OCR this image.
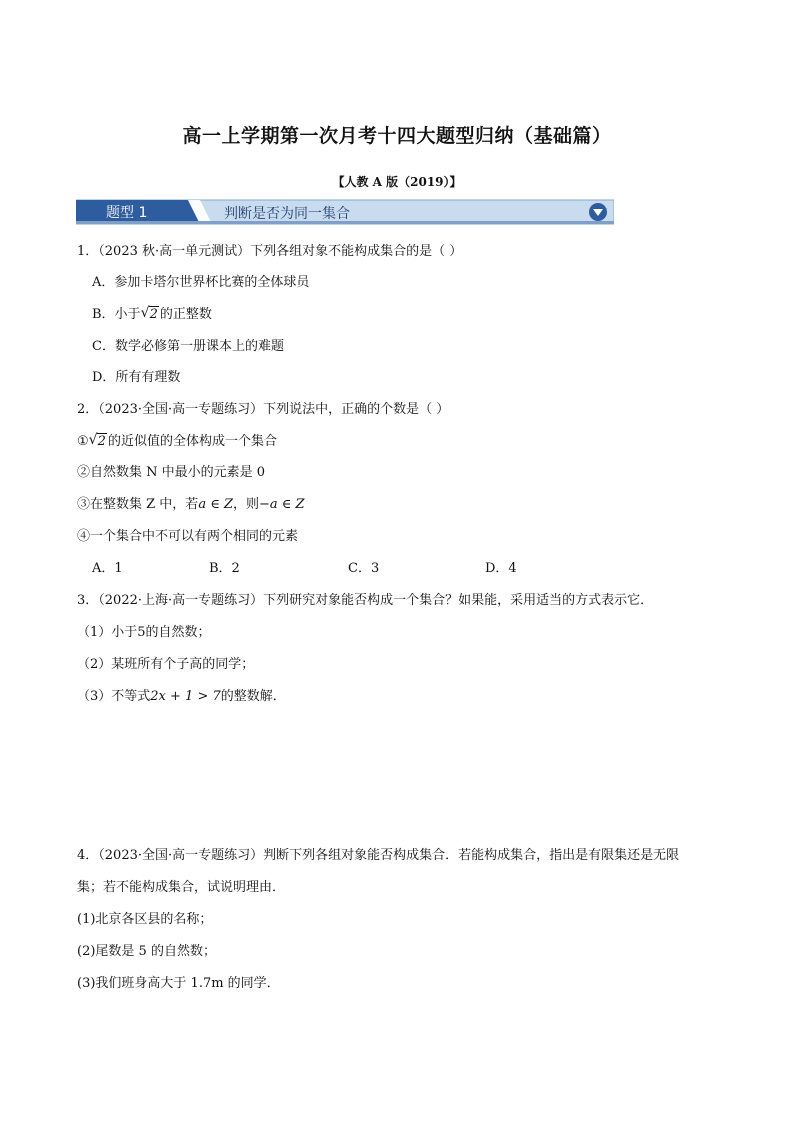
高一上学期第一次月考十四大题型归纳（基础篇）
【人教 A 版（2019）】
题型 1	判断是否为同一集合
1．（2023 秋·高一单元测试）下列各组对象不能构成集合的是（ ）
A．参加卡塔尔世界杯比赛的全体球员
B．小于 √ 2 的正整数
C．数学必修第一册课本上的难题
D．所有有理数
2．（2023·全国·高一专题练习）下列说法中，正确的个数是（ ）
① √ 2 的近似值的全体构成一个集合
②自然数集 N 中最小的元素是 0
③在整数集 Z 中，若a ∈ Z，则−a ∈ Z
④一个集合中不可以有两个相同的元素
A．1	B．2	C．3	D．4
3．（2022·上海·高一专题练习）下列研究对象能否构成一个集合？如果能，采用适当的方式表示它．
（1）小于5的自然数；
（2）某班所有个子高的同学；
（3）不等式2x + 1 > 7的整数解．
4．（2023·全国·高一专题练习）判断下列各组对象能否构成集合．若能构成集合，指出是有限集还是无限
集；若不能构成集合，试说明理由．
(1)北京各区县的名称；
(2)尾数是 5 的自然数；
(3)我们班身高大于 1.7m 的同学．
